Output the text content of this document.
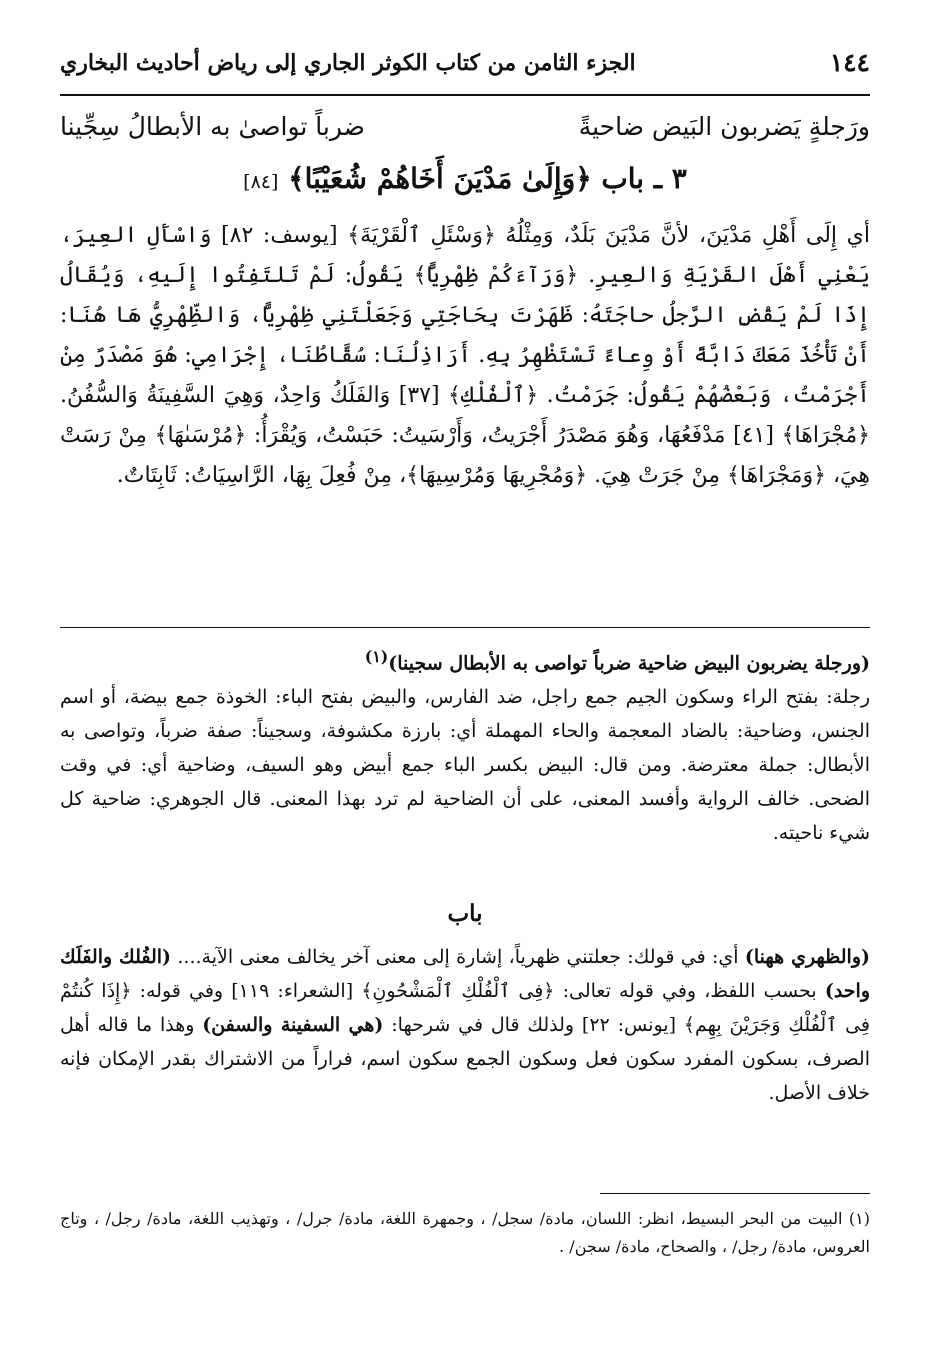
١٤٤
الجزء الثامن من كتاب الكوثر الجاري إلى رياض أحاديث البخاري
ورَجلةٍ يَضربون البَيض ضاحيةً
ضرباً تواصىٰ به الأبطالُ سِجِّينا
٣ ـ باب ﴿وَإِلَىٰ مَدْيَنَ أَخَاهُمْ شُعَيْبًا﴾ [٨٤]

أي إِلَى أَهْلِ مَدْيَنَ، لأنَّ مَدْيَنَ بَلَدٌ، وَمِثْلُهُ ﴿وَسْئَلِ ٱلْقَرْيَةَ﴾ [يوسف: ٨٢] وَاسْأَلِ العِيرَ، يَعْنِي أَهْلَ القَرْيَةِ وَالعِيرِ. ﴿وَرَآءَكُمْ ظِهْرِيًّا﴾ يَقُولُ: لَمْ تَلتَفِتُوا إِلَيهِ، وَيُقَالُ إِذَا لَمْ يَقْضِ الرَّجلُ حاجَتَهُ: ظَهَرْتَ بِحَاجَتِي وَجَعَلْتَنِي ظِهْرِيًّا، وَالظِّهْرِيُّ هَا هُنَا: أَنْ تَأْخُذَ مَعَكَ دَابَّةً أَوْ وِعاءً تَسْتَظْهِرُ بِهِ. أَرَاذِلُنَا: سُقَّاطُنَا، إِجْرَامِي: هُوَ مَصْدَرٌ مِنْ أَجْرَمْتُ، وَبَعْضُهُمْ يَقُولُ: جَرَمْتُ. ﴿ٱلْفُلْكِ﴾ [٣٧] وَالفَلَكُ وَاحِدٌ، وَهِيَ السَّفِينَةُ وَالسُّفُنُ. ﴿مُجْرَاهَا﴾ [٤١] مَدْفَعُهَا، وَهُوَ مَصْدَرُ أَجْرَيتُ، وَأَرْسَيتُ: حَبَسْتُ، وَيُقْرَأُ: ﴿مُرْسَىٰهَا﴾ مِنْ رَسَتْ هِيَ، ﴿وَمَجْرَاهَا﴾ مِنْ جَرَتْ هِيَ. ﴿وَمُجْرِيهَا وَمُرْسِيهَا﴾، مِنْ فُعِلَ بِهَا، الرَّاسِيَاتُ: ثَابِتَاتٌ.

(ورجلة يضربون البيض ضاحية ضرباً تواصى به الأبطال سجينا)$^{(١)}$

رجلة: بفتح الراء وسكون الجيم جمع راجل، ضد الفارس، والبيض بفتح الباء: الخوذة جمع بيضة، أو اسم الجنس، وضاحية: بالضاد المعجمة والحاء المهملة أي: بارزة مكشوفة، وسجيناً: صفة ضرباً، وتواصى به الأبطال: جملة معترضة. ومن قال: البيض بكسر الباء جمع أبيض وهو السيف، وضاحية أي: في وقت الضحى. خالف الرواية وأفسد المعنى، على أن الضاحية لم ترد بهذا المعنى. قال الجوهري: ضاحية كل شيء ناحيته.

باب

(والظهري ههنا) أي: في قولك: جعلتني ظهرياً، إشارة إلى معنى آخر يخالف معنى الآية.... (الفُلك والفَلَك واحد) بحسب اللفظ، وفي قوله تعالى: ﴿فِى ٱلْفُلْكِ ٱلْمَشْحُونِ﴾ [الشعراء: ١١٩] وفي قوله: ﴿إِذَا كُنتُمْ فِى ٱلْفُلْكِ وَجَرَيْنَ بِهِم﴾ [يونس: ٢٢] ولذلك قال في شرحها: (هي السفينة والسفن) وهذا ما قاله أهل الصرف، بسكون المفرد سكون فعل وسكون الجمع سكون اسم، فراراً من الاشتراك بقدر الإمكان فإنه خلاف الأصل.

(١) البيت من البحر البسيط، انظر: اللسان، مادة/ سجل/ ، وجمهرة اللغة، مادة/ جرل/ ، وتهذيب اللغة، مادة/ رجل/ ، وتاج العروس، مادة/ رجل/ ، والصحاح، مادة/ سجن/ .
